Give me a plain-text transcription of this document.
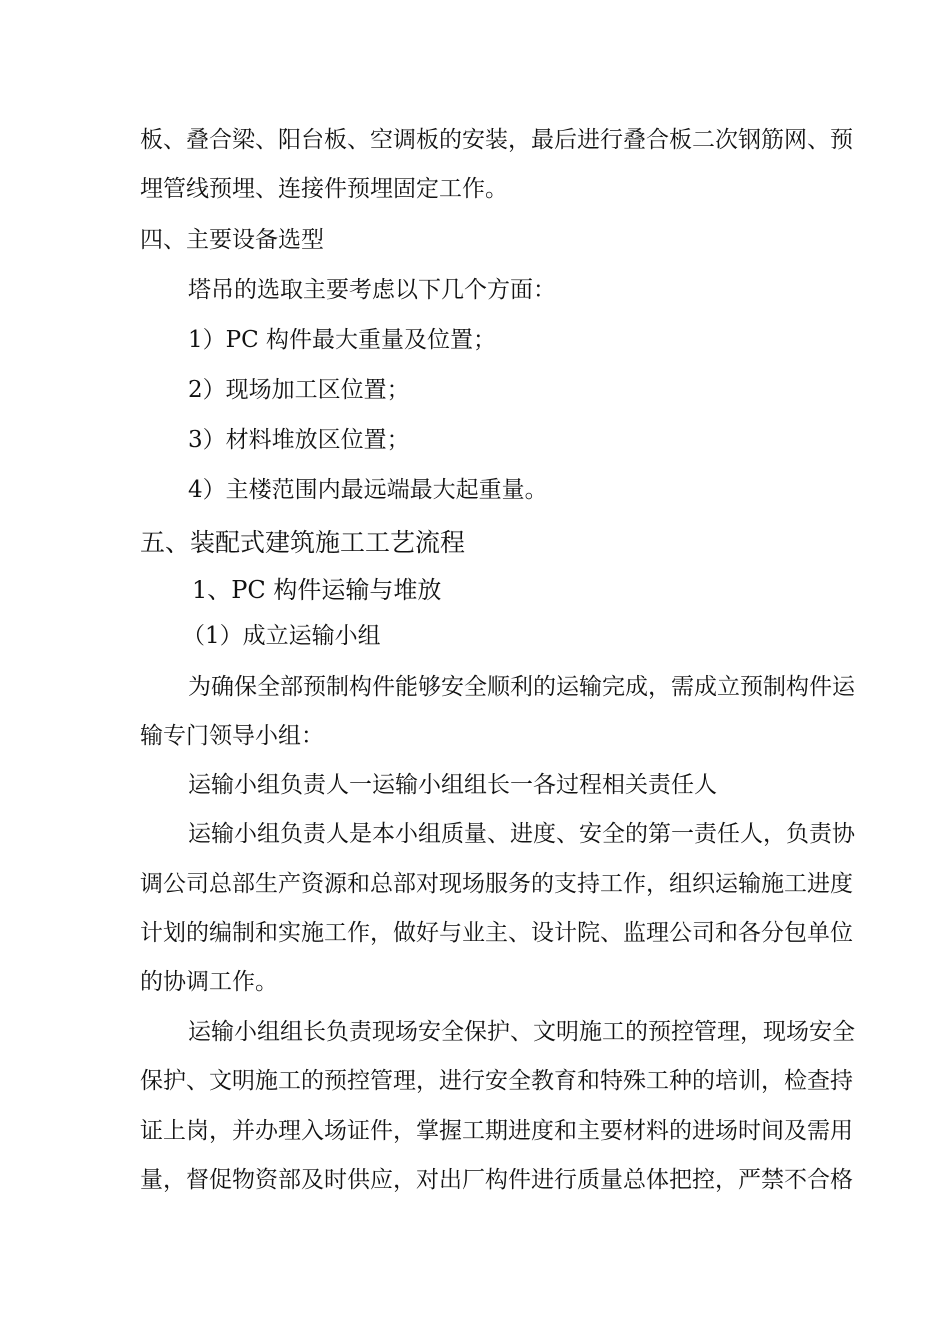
板、叠合梁、阳台板、空调板的安装，最后进行叠合板二次钢筋网、预
埋管线预埋、连接件预埋固定工作。
四、主要设备选型
塔吊的选取主要考虑以下几个方面：
1）PC 构件最大重量及位置；
2）现场加工区位置；
3）材料堆放区位置；
4）主楼范围内最远端最大起重量。
五、装配式建筑施工工艺流程
1、PC 构件运输与堆放
（1）成立运输小组
为确保全部预制构件能够安全顺利的运输完成，需成立预制构件运
输专门领导小组：
运输小组负责人一运输小组组长一各过程相关责任人
运输小组负责人是本小组质量、进度、安全的第一责任人，负责协
调公司总部生产资源和总部对现场服务的支持工作，组织运输施工进度
计划的编制和实施工作，做好与业主、设计院、监理公司和各分包单位
的协调工作。
运输小组组长负责现场安全保护、文明施工的预控管理，现场安全
保护、文明施工的预控管理，进行安全教育和特殊工种的培训，检查持
证上岗，并办理入场证件，掌握工期进度和主要材料的进场时间及需用
量，督促物资部及时供应，对出厂构件进行质量总体把控，严禁不合格
